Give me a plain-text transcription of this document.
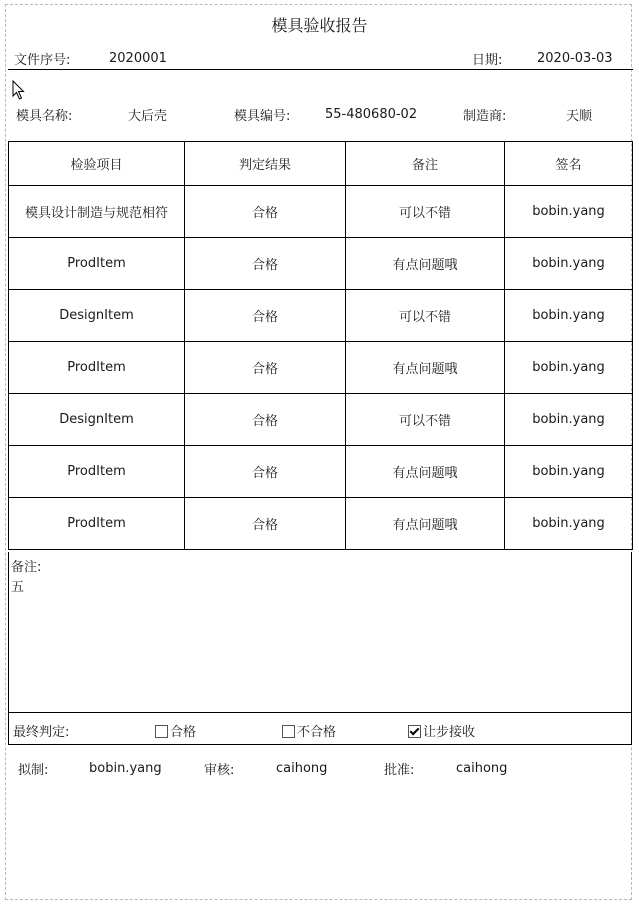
模具验收报告
文件序号:	2020001	日期:	2020-03-03
模具名称:	大后壳	模具编号:	55-480680-02	制造商:	天顺
检验项目	判定结果	备注	签名
模具设计制造与规范相符	合格	可以不错	bobin.yang
ProdItem	合格	有点问题哦	bobin.yang
DesignItem	合格	可以不错	bobin.yang
ProdItem	合格	有点问题哦	bobin.yang
DesignItem	合格	可以不错	bobin.yang
ProdItem	合格	有点问题哦	bobin.yang
ProdItem	合格	有点问题哦	bobin.yang
备注:
五
最终判定:	合格	不合格	让步接收
拟制:	bobin.yang	审核:	caihong	批准:	caihong
